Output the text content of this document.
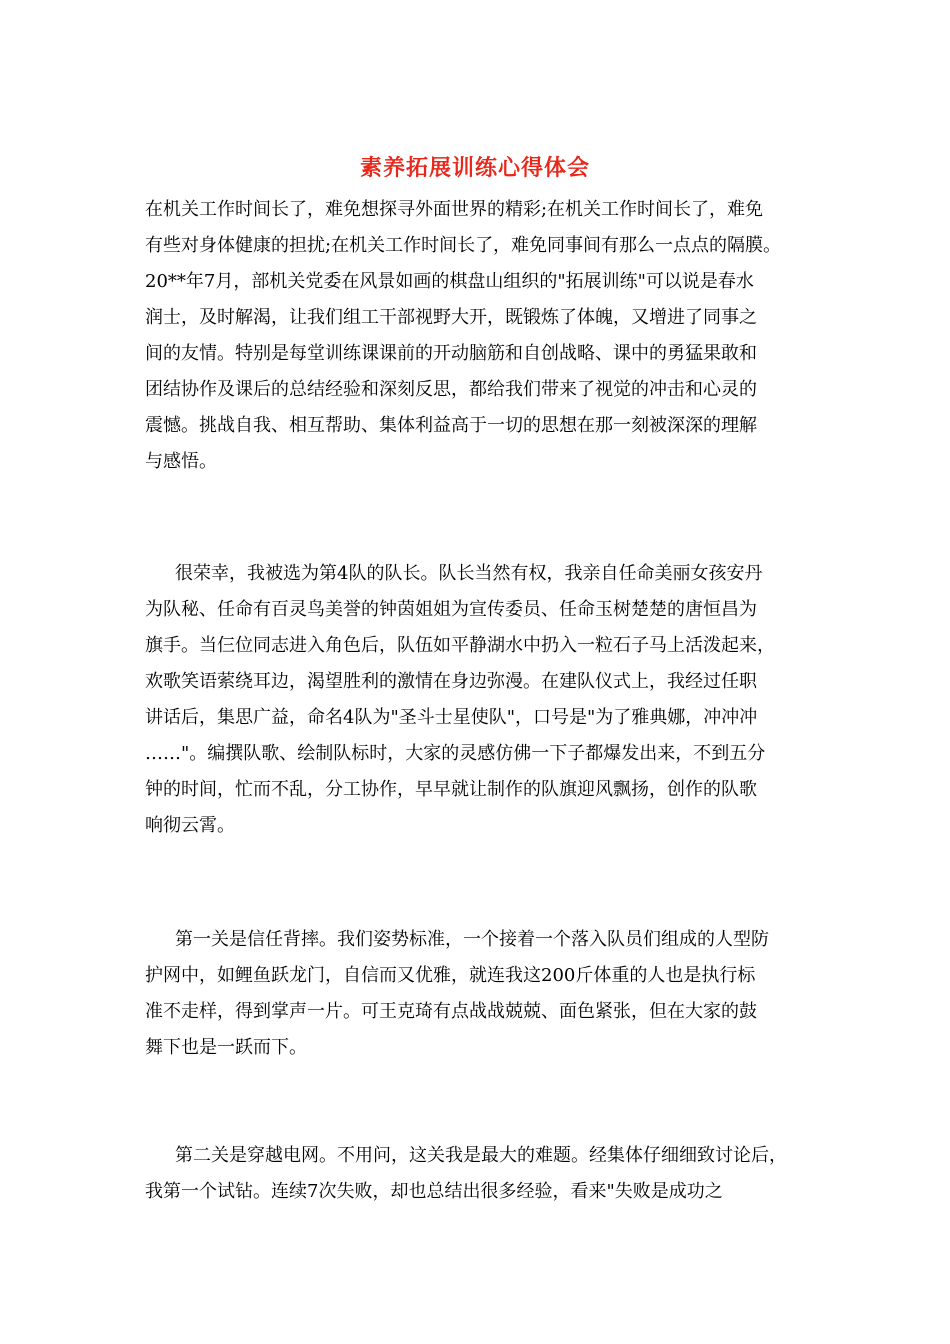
素养拓展训练心得体会
在机关工作时间长了，难免想探寻外面世界的精彩;在机关工作时间长了，难免
有些对身体健康的担扰;在机关工作时间长了，难免同事间有那么一点点的隔膜。
20**年7月，部机关党委在风景如画的棋盘山组织的"拓展训练"可以说是春水
润士，及时解渴，让我们组工干部视野大开，既锻炼了体魄，又增进了同事之
间的友情。特别是每堂训练课课前的开动脑筋和自创战略、课中的勇猛果敢和
团结协作及课后的总结经验和深刻反思，都给我们带来了视觉的冲击和心灵的
震憾。挑战自我、相互帮助、集体利益高于一切的思想在那一刻被深深的理解
与感悟。
很荣幸，我被选为第4队的队长。队长当然有权，我亲自任命美丽女孩安丹
为队秘、任命有百灵鸟美誉的钟茵姐姐为宣传委员、任命玉树楚楚的唐恒昌为
旗手。当仨位同志进入角色后，队伍如平静湖水中扔入一粒石子马上活泼起来，
欢歌笑语萦绕耳边，渴望胜利的激情在身边弥漫。在建队仪式上，我经过任职
讲话后，集思广益，命名4队为"圣斗士星使队"，口号是"为了雅典娜，冲冲冲
……"。编撰队歌、绘制队标时，大家的灵感仿佛一下子都爆发出来，不到五分
钟的时间，忙而不乱，分工协作，早早就让制作的队旗迎风飘扬，创作的队歌
响彻云霄。
第一关是信任背摔。我们姿势标准，一个接着一个落入队员们组成的人型防
护网中，如鲤鱼跃龙门，自信而又优雅，就连我这200斤体重的人也是执行标
准不走样，得到掌声一片。可王克琦有点战战兢兢、面色紧张，但在大家的鼓
舞下也是一跃而下。
第二关是穿越电网。不用问，这关我是最大的难题。经集体仔细细致讨论后，
我第一个试钻。连续7次失败，却也总结出很多经验，看来"失败是成功之
